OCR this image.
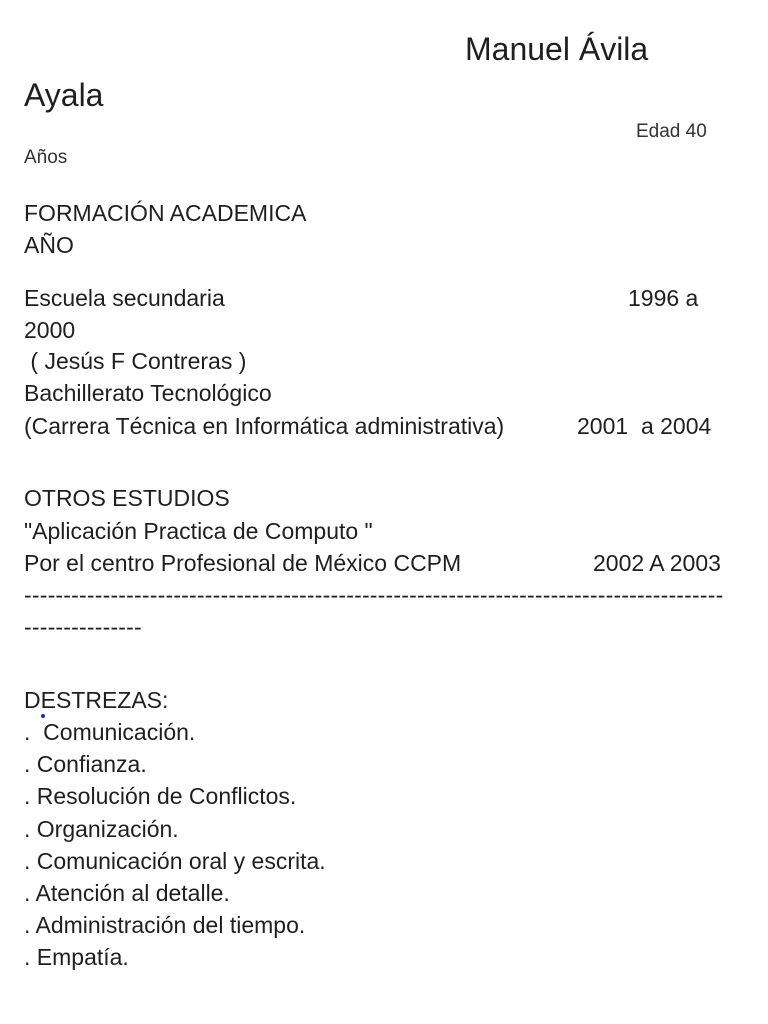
Manuel Ávila
Ayala
Edad 40
Años
FORMACIÓN ACADEMICA
AÑO
Escuela secundaria	1996 a
2000
( Jesús F Contreras )
Bachillerato Tecnológico
(Carrera Técnica en Informática administrativa)	2001  a 2004
OTROS ESTUDIOS
"Aplicación Practica de Computo "
Por el centro Profesional de México CCPM	2002 A 2003
-----------------------------------------------------------------------------------------
---------------
DESTREZAS:
.  Comunicación.
. Confianza.
. Resolución de Conflictos.
. Organización.
. Comunicación oral y escrita.
. Atención al detalle.
. Administración del tiempo.
. Empatía.
